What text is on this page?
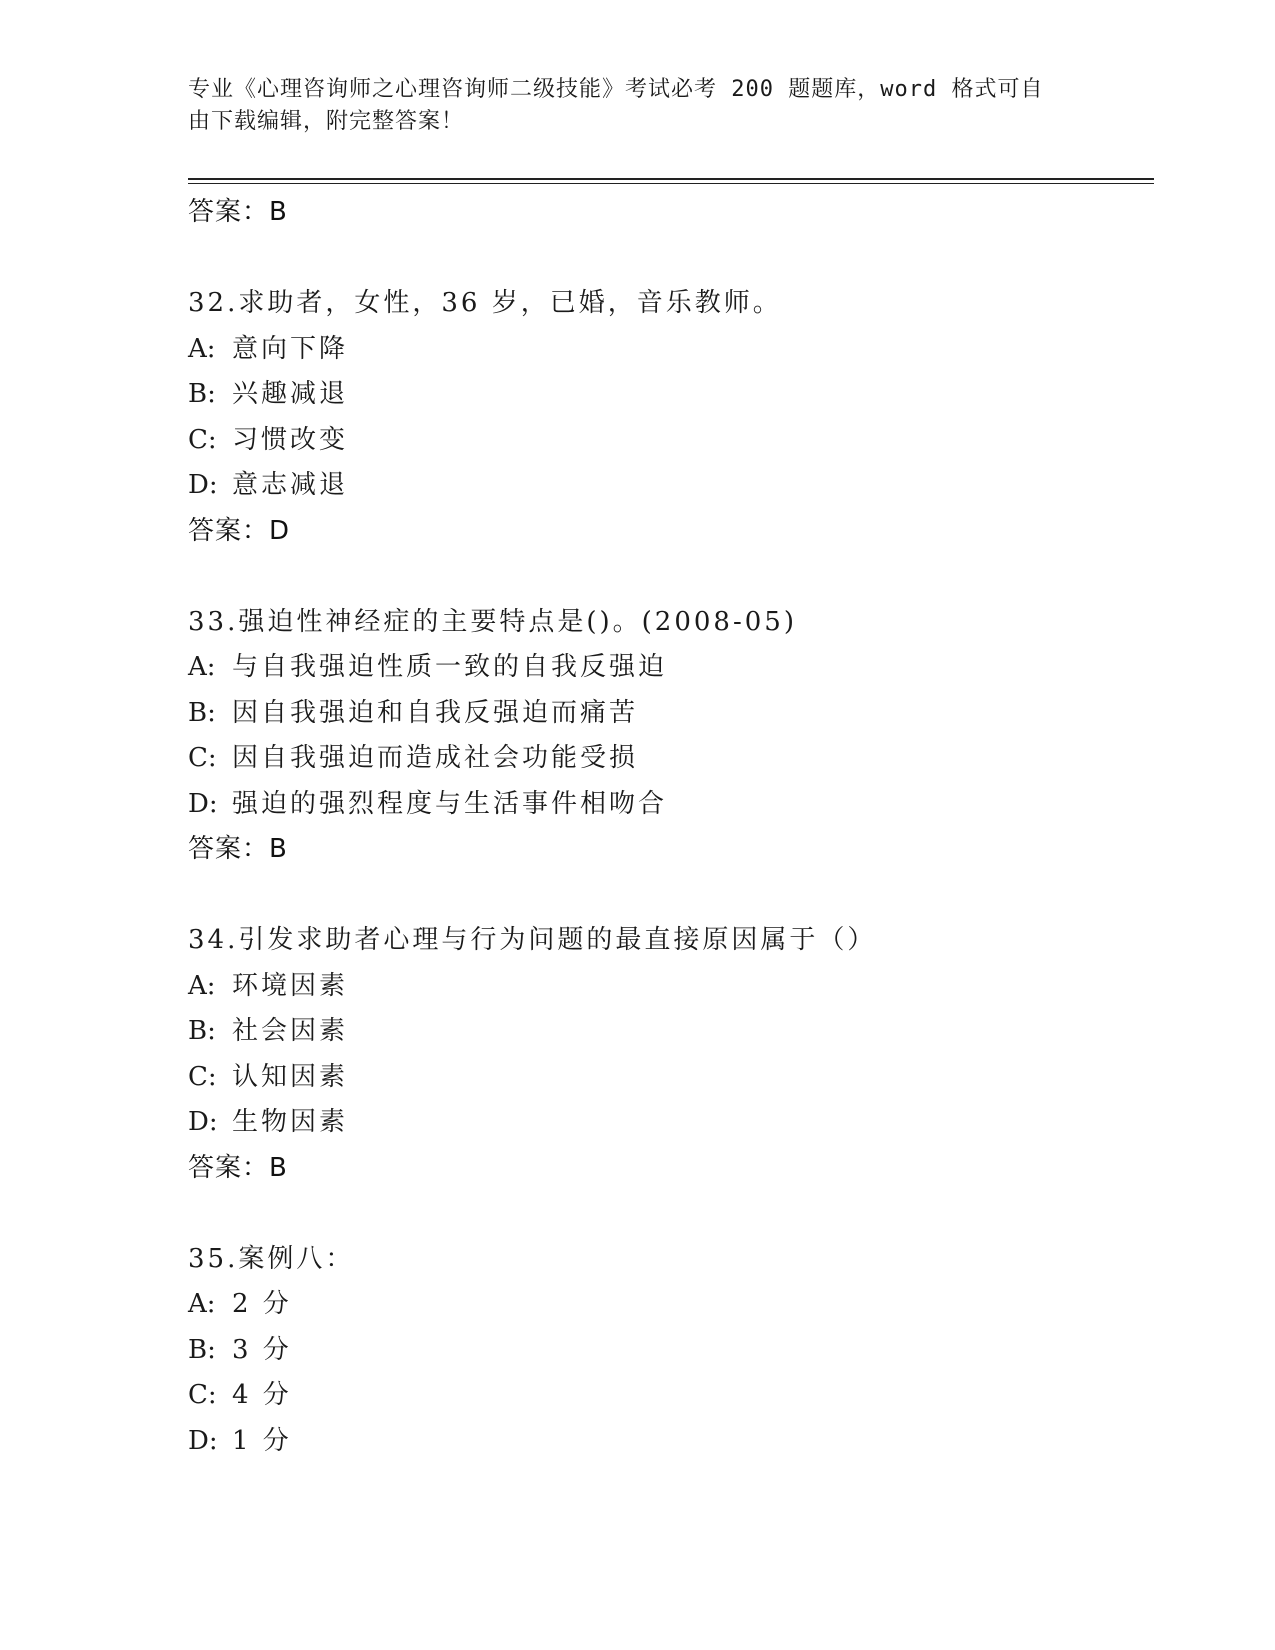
专业《心理咨询师之心理咨询师二级技能》考试必考 200 题题库，word 格式可自
由下载编辑，附完整答案！
答案：B
32.求助者，女性，36 岁，已婚，音乐教师。
A: 意向下降
B: 兴趣减退
C: 习惯改变
D: 意志减退
答案：D
33.强迫性神经症的主要特点是()。(2008-05)
A: 与自我强迫性质一致的自我反强迫
B: 因自我强迫和自我反强迫而痛苦
C: 因自我强迫而造成社会功能受损
D: 强迫的强烈程度与生活事件相吻合
答案：B
34.引发求助者心理与行为问题的最直接原因属于（）
A: 环境因素
B: 社会因素
C: 认知因素
D: 生物因素
答案：B
35.案例八：
A: 2 分
B: 3 分
C: 4 分
D: 1 分
